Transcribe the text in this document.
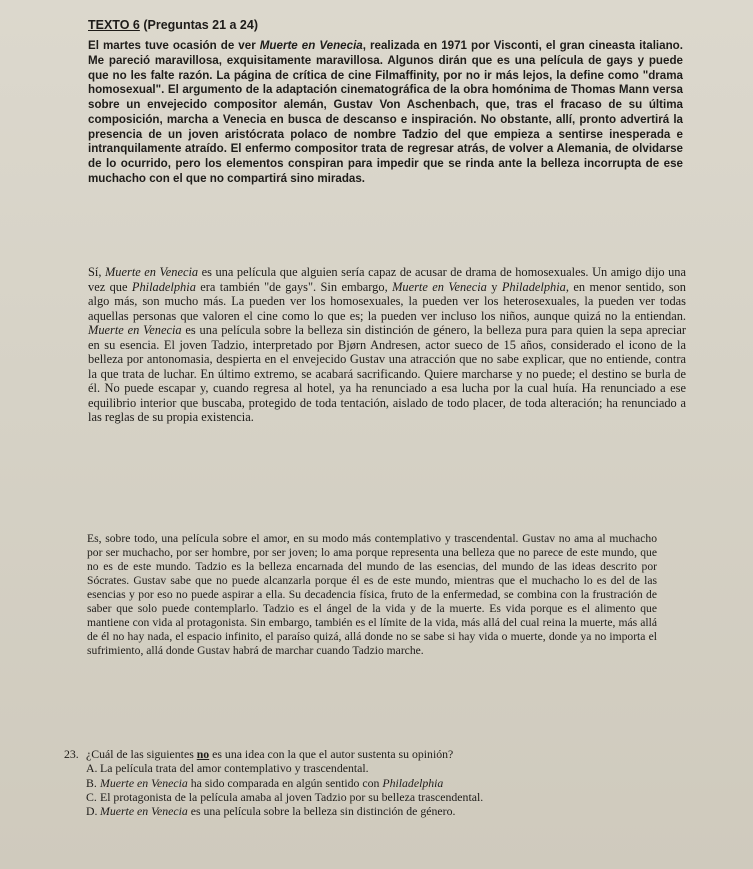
TEXTO 6 (Preguntas 21 a 24)

El martes tuve ocasión de ver Muerte en Venecia, realizada en 1971 por Visconti, el gran cineasta italiano. Me pareció maravillosa, exquisitamente maravillosa. Algunos dirán que es una película de gays y puede que no les falte razón. La página de crítica de cine Filmaffinity, por no ir más lejos, la define como "drama homosexual". El argumento de la adaptación cinematográfica de la obra homónima de Thomas Mann versa sobre un envejecido compositor alemán, Gustav Von Aschenbach, que, tras el fracaso de su última composición, marcha a Venecia en busca de descanso e inspiración. No obstante, allí, pronto advertirá la presencia de un joven aristócrata polaco de nombre Tadzio del que empieza a sentirse inesperada e intranquilamente atraído. El enfermo compositor trata de regresar atrás, de volver a Alemania, de olvidarse de lo ocurrido, pero los elementos conspiran para impedir que se rinda ante la belleza incorrupta de ese muchacho con el que no compartirá sino miradas.

Sí, Muerte en Venecia es una película que alguien sería capaz de acusar de drama de homosexuales. Un amigo dijo una vez que Philadelphia era también "de gays". Sin embargo, Muerte en Venecia y Philadelphia, en menor sentido, son algo más, son mucho más. La pueden ver los homosexuales, la pueden ver los heterosexuales, la pueden ver todas aquellas personas que valoren el cine como lo que es; la pueden ver incluso los niños, aunque quizá no la entiendan. Muerte en Venecia es una película sobre la belleza sin distinción de género, la belleza pura para quien la sepa apreciar en su esencia. El joven Tadzio, interpretado por Bjørn Andresen, actor sueco de 15 años, considerado el icono de la belleza por antonomasia, despierta en el envejecido Gustav una atracción que no sabe explicar, que no entiende, contra la que trata de luchar. En último extremo, se acabará sacrificando. Quiere marcharse y no puede; el destino se burla de él. No puede escapar y, cuando regresa al hotel, ya ha renunciado a esa lucha por la cual huía. Ha renunciado a ese equilibrio interior que buscaba, protegido de toda tentación, aislado de todo placer, de toda alteración; ha renunciado a las reglas de su propia existencia.

Es, sobre todo, una película sobre el amor, en su modo más contemplativo y trascendental. Gustav no ama al muchacho por ser muchacho, por ser hombre, por ser joven; lo ama porque representa una belleza que no parece de este mundo, que no es de este mundo. Tadzio es la belleza encarnada del mundo de las esencias, del mundo de las ideas descrito por Sócrates. Gustav sabe que no puede alcanzarla porque él es de este mundo, mientras que el muchacho lo es del de las esencias y por eso no puede aspirar a ella. Su decadencia física, fruto de la enfermedad, se combina con la frustración de saber que solo puede contemplarlo. Tadzio es el ángel de la vida y de la muerte. Es vida porque es el alimento que mantiene con vida al protagonista. Sin embargo, también es el límite de la vida, más allá del cual reina la muerte, más allá de él no hay nada, el espacio infinito, el paraíso quizá, allá donde no se sabe si hay vida o muerte, donde ya no importa el sufrimiento, allá donde Gustav habrá de marchar cuando Tadzio marche.

23. ¿Cuál de las siguientes no es una idea con la que el autor sustenta su opinión?
A. La película trata del amor contemplativo y trascendental.
B. Muerte en Venecia ha sido comparada en algún sentido con Philadelphia
C. El protagonista de la película amaba al joven Tadzio por su belleza trascendental.
D. Muerte en Venecia es una película sobre la belleza sin distinción de género.
